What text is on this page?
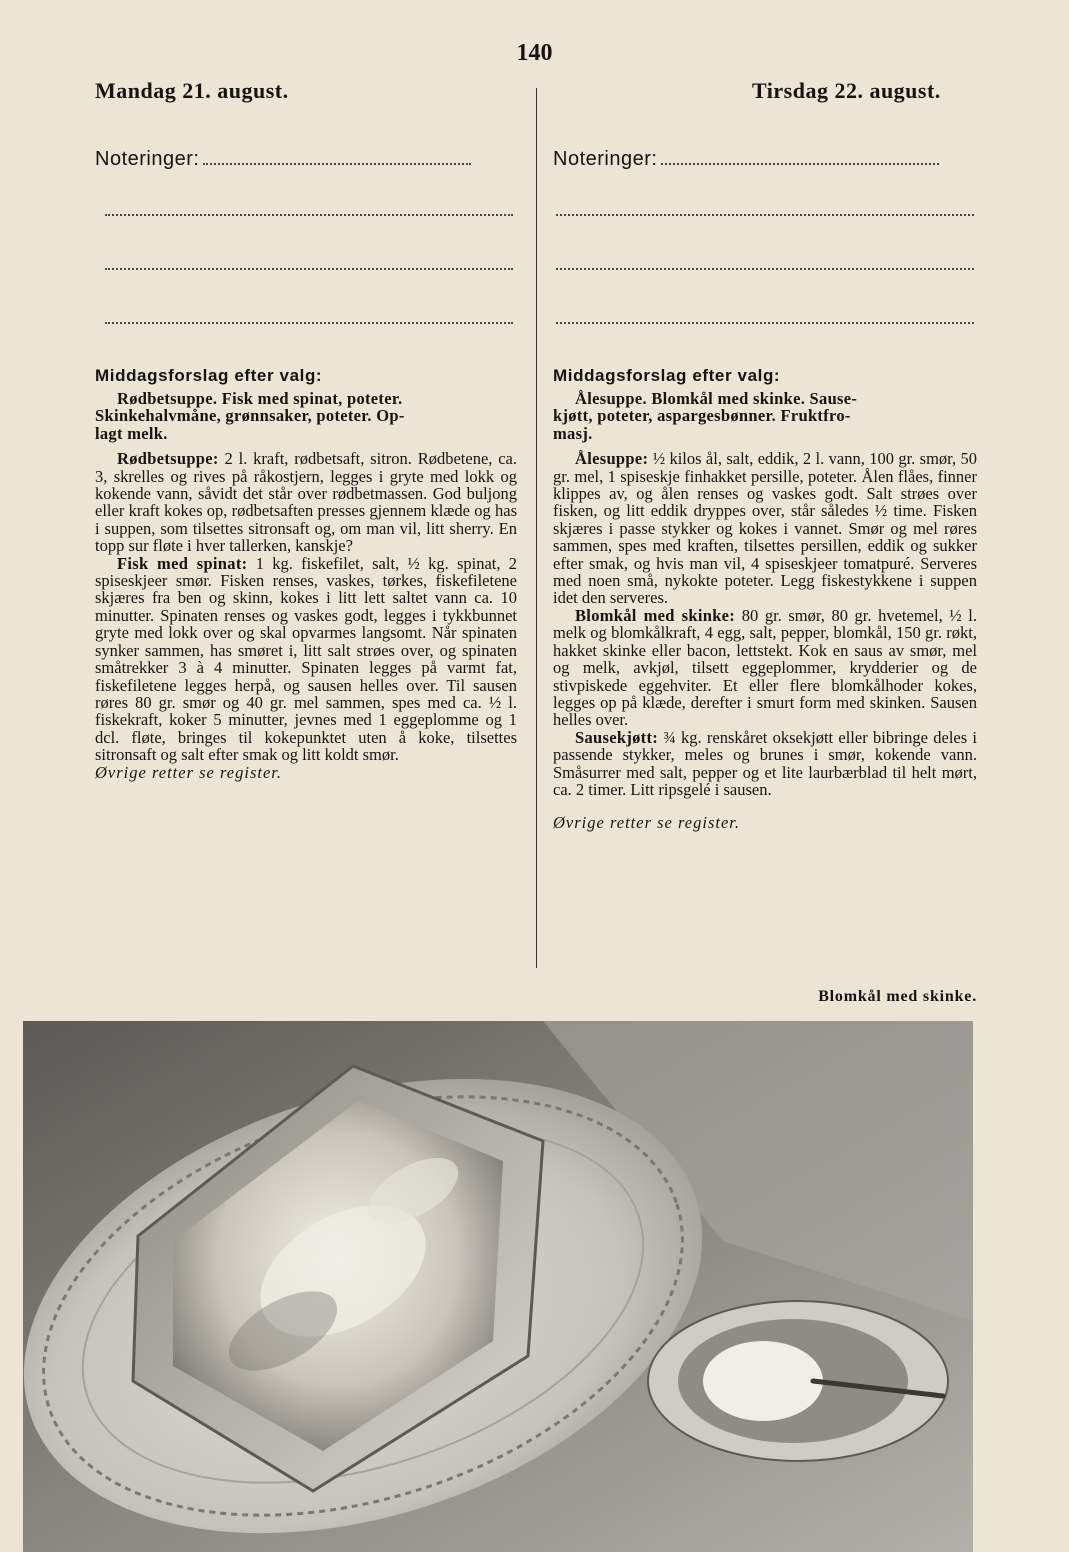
140
Mandag 21. august.	Tirsdag 22. august.
Noteringer:	Noteringer:
Middagsforslag efter valg:	Middagsforslag efter valg:

Rødbetsuppe. Fisk med spinat, poteter.

Skinkehalvmåne, grønnsaker, poteter. Op-

lagt melk.

Rødbetsuppe: 2 l. kraft, rødbetsaft, sitron. Rødbetene, ca. 3, skrelles og rives på råkostjern, legges i gryte med lokk og kokende vann, såvidt det står over rødbetmassen. God buljong eller kraft kokes op, rødbetsaften presses gjennem klæde og has i suppen, som tilsettes sitronsaft og, om man vil, litt sherry. En topp sur fløte i hver tallerken, kanskje?

Fisk med spinat: 1 kg. fiskefilet, salt, ½ kg. spinat, 2 spiseskjeer smør. Fisken renses, vaskes, tørkes, fiskefiletene skjæres fra ben og skinn, kokes i litt lett saltet vann ca. 10 minutter. Spinaten renses og vaskes godt, legges i tykkbunnet gryte med lokk over og skal opvarmes langsomt. Når spinaten synker sammen, has smøret i, litt salt strøes over, og spinaten småtrekker 3 à 4 minutter. Spinaten legges på varmt fat, fiskefiletene legges herpå, og sausen helles over. Til sausen røres 80 gr. smør og 40 gr. mel sammen, spes med ca. ½ l. fiskekraft, koker 5 minutter, jevnes med 1 eggeplomme og 1 dcl. fløte, bringes til kokepunktet uten å koke, tilsettes sitronsaft og salt efter smak og litt koldt smør.

Øvrige retter se register.

Ålesuppe. Blomkål med skinke. Sause-

kjøtt, poteter, aspargesbønner. Fruktfro-

masj.

Ålesuppe: ½ kilos ål, salt, eddik, 2 l. vann, 100 gr. smør, 50 gr. mel, 1 spiseskje finhakket persille, poteter. Ålen flåes, finner klippes av, og ålen renses og vaskes godt. Salt strøes over fisken, og litt eddik dryppes over, står således ½ time. Fisken skjæres i passe stykker og kokes i vannet. Smør og mel røres sammen, spes med kraften, tilsettes persillen, eddik og sukker efter smak, og hvis man vil, 4 spiseskjeer tomatpuré. Serveres med noen små, nykokte poteter. Legg fiskestykkene i suppen idet den serveres.

Blomkål med skinke: 80 gr. smør, 80 gr. hvetemel, ½ l. melk og blomkålkraft, 4 egg, salt, pepper, blomkål, 150 gr. røkt, hakket skinke eller bacon, lettstekt. Kok en saus av smør, mel og melk, avkjøl, tilsett eggeplommer, krydderier og de stivpiskede eggehviter. Et eller flere blomkålhoder kokes, legges op på klæde, derefter i smurt form med skinken. Sausen helles over.

Sausekjøtt: ¾ kg. renskåret oksekjøtt eller bibringe deles i passende stykker, meles og brunes i smør, kokende vann. Småsurrer med salt, pepper og et lite laurbærblad til helt mørt, ca. 2 timer. Litt ripsgelé i sausen.

Øvrige retter se register.

Blomkål med skinke.
